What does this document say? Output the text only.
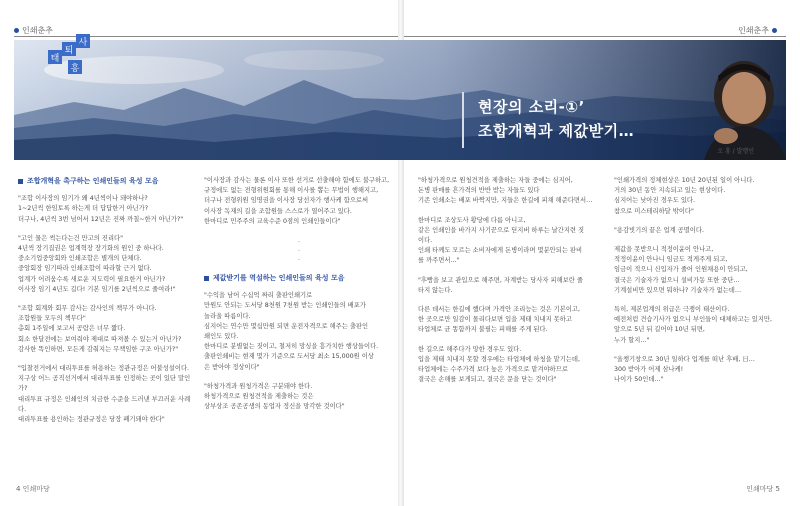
인쇄춘추	인쇄춘추
태
퇴
사
흥
현장의 소리-①’
조합개혁과 제값받기…
오 홍 / 발행인
조합개혁을 촉구하는 인쇄인들의 육성 모음

"조합 이사장의 임기가 왜 4년씩이나 돼야하나?
1~2년씩 한임토록 하는게 더 답답한거 아닌가?
더구나, 4년씩 3번 넘어서 12년은 진짜 까칠~한거 아닌가?"

"고인 물은 썩는다는건 만고의 진리다"
4년씩 장기집권은 업계혁장 장기화의 원인 중 하나다.
중소기업중앙회와 인쇄조합은 별개의 단체다.
중앙회장 임기따라 인쇄조합이 따라할 근거 없다.
업계가 어려움수록 새로운 지도력이 필요한거 아닌가?
이사장 임기 4년도 길다! 기본 임기를 2년씩으로 줄여라!"

"조합 회계와 회무 감사는 감사인의 책무가 아니다.
조합원들 모두의 책무다"
총회 1주일에 보고서 공람은 너무 짧다.
회소 한달전에는 보여줘야 제대로 따져볼 수 있는거 아닌가?
감사한 똑인하면, 모든게 감춰지는 무책임한 구조 아닌가?"

"입찰전거에서 대리투표를 허용하는 정관규정은 어불성설이다.
지구상 어느 공직선거에서 대리투표를 인정하는 곳이 있단 말인가?
대리투표 규정은 인쇄인의 치금한 수준을 드러낸 부끄러운 사례다.
대리투표를 용인하는 정관규정은 당장 폐기돼야 한다"

"이사장과 감사는 물론 이사 또한 선거로 선출해야 함에도 불구하고,
규정에도 없는 전형위원회를 통해 이사를 뽑는 무법이 행해지고,
더구나 전형위원 임명권을 이사장 당선자가 행사케 함으로써
이사장 독재의 길을 조합원들 스스로가 열어주고 있다.
한마디로 민주주의 교육수준 0점의 인쇄인들이다"

.
.
.
제값받기를 역설하는 인쇄인들의 육성 모음

"수익을 남어 수십억 짜리 출판인쇄기로
만원도 안되는 도서당 8천원 7천원 받는 인쇄인들의 배포가
놀라울 따름이다.
심지어는 연수만 몇십만원 되면 운전자격으로 해주는 출판인
쇄인도 있다.
한마디로 분별없는 짓이고, 철저히 망싱을 흥가치한 행상들이다.
출판인쇄비는 현재 몇가 기준으로 도서당 최소 15,000원 이상
은 받아야 정상이다"

"하청가격과 원청가격은 구분돼야 한다.
하청가격으로 원청견적을 제출하는 것은
상부상조 공존공생의 동업자 정신을 망각한 것이다"

"하청가격으로 원청견적을 제출하는 자들 중에는 심지어,
돈병 판매를 흔가격의 반반 받는 자들도 있다
기존 인쇄소는 배포 바짝지만, 지들은 한길에 피채 해준다면서…

한마디로 조상도사 황당에 다름 아니고,
같은 인쇄인을 바가지 사기꾼으로 딛지버 하루는 날간지련 짓
이다.
인쇄 타께도 모르는 소비자에게 돈병이라며 몇분안되는 판비
를 까주면서…"

"후빵을 보고 관입으로 해주면, 자계받는 당사자 피해보란 줄
타지 않는다.

다른 데서는 한길에 했다며 가격안 조리능는 것은 기본이고,
한 곳으로만 일감이 몰리다보면 입을 제태 치내지 못하고
타업체로 균 똥함까지 불필는 피해를 주게 된다.

한 길으로 해주다가 망한 경우도 있다.
입을 제태 치내지 못할 경우에는 타업체에 하청을 맡기는데,
타업체에는 수주가격 보다 높은 가격으로 맡겨야하므로
결국은 손해를 보게되고, 결국은 문을 닫는 것이다"

"인쇄가격의 정체현상은 10년 20년된 일이 아니다.
거의 30년 동안 지속되고 있는 현상이다.
심지어는 낮아진 경우도 있다.
참으로 미스테리하달 밖이다"

"용감빗기의 끝은 업계 공멸이다.

제값을 못받으니 적정이윤이 안나고,
적정이윤이 안나니 임금도 적게주게 되고,
임금이 적으니 신입자가 줄어 인원채용이 안되고,
결국은 기술자가 없으니 설비가동 또한 중단…
기계설비만 있으면 뭐하나? 기술자가 없는데…

특히, 제본업계의 위급은 극쟁이 태산이다.
예전처럼 견습기사가 없으니 부인들이 대체하고는 있지만,
앞으로 5년 뒤 길어야 10년 뒤면,
누가 할지…"

"올챙기창으로 30년 일하다 업계를 떠난 후배, 日…
300 받아가 어제 삼나케!
나이가 50인데…"

4 인쇄마당	인쇄마당 5
